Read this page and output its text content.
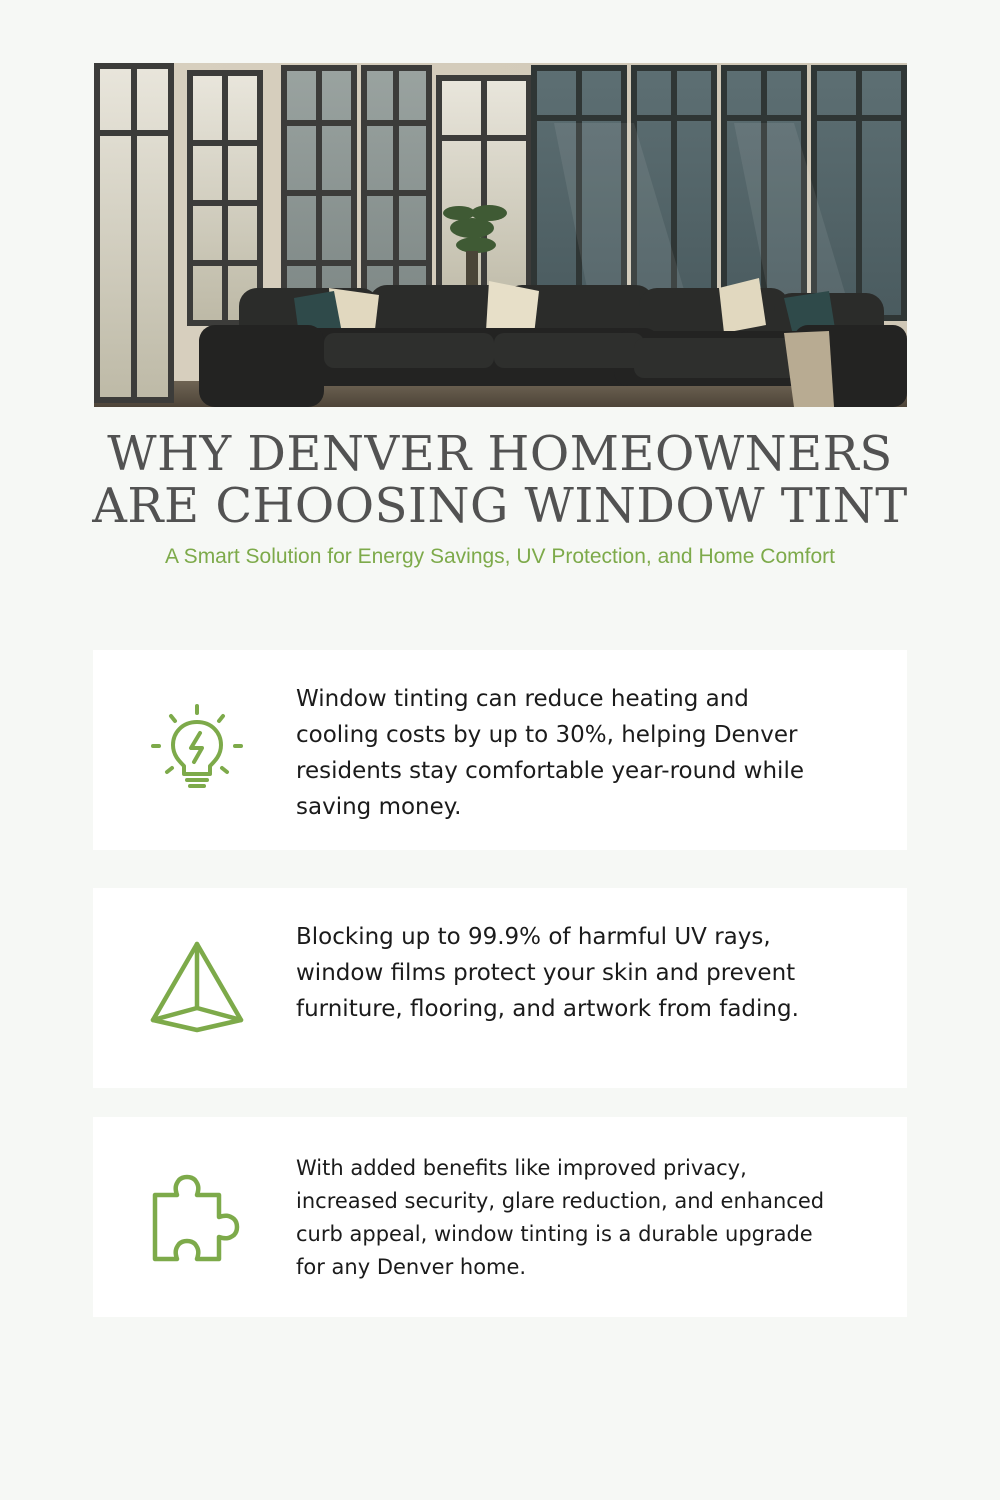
WHY DENVER HOMEOWNERS
ARE CHOOSING WINDOW TINT

A Smart Solution for Energy Savings, UV Protection, and Home Comfort

Window tinting can reduce heating and cooling costs by up to 30%, helping Denver residents stay comfortable year-round while saving money.

Blocking up to 99.9% of harmful UV rays, window films protect your skin and prevent furniture, flooring, and artwork from fading.

With added benefits like improved privacy, increased security, glare reduction, and enhanced curb appeal, window tinting is a durable upgrade for any Denver home.
